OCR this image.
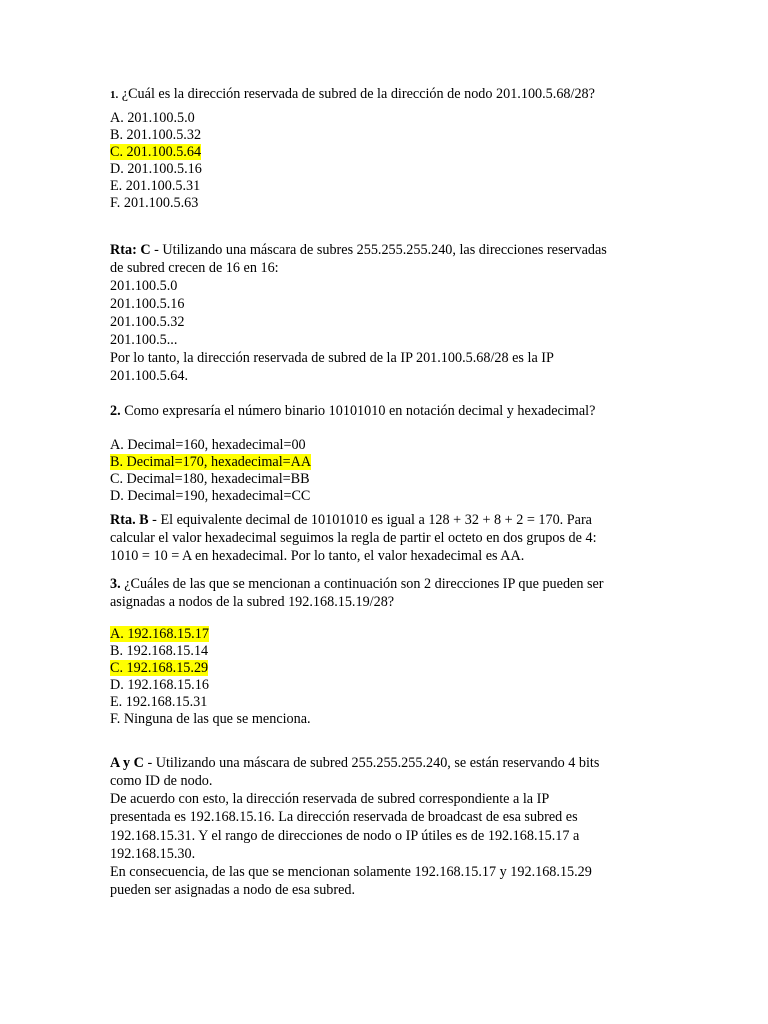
1. ¿Cuál es la dirección reservada de subred de la dirección de nodo 201.100.5.68/28?
A. 201.100.5.0
B. 201.100.5.32
C. 201.100.5.64
D. 201.100.5.16
E. 201.100.5.31
F. 201.100.5.63
Rta: C - Utilizando una máscara de subres 255.255.255.240, las direcciones reservadas
de subred crecen de 16 en 16:
201.100.5.0
201.100.5.16
201.100.5.32
201.100.5...
Por lo tanto, la dirección reservada de subred de la IP 201.100.5.68/28 es la IP
201.100.5.64.
2. Como expresaría el número binario 10101010 en notación decimal y hexadecimal?
A. Decimal=160, hexadecimal=00
B. Decimal=170, hexadecimal=AA
C. Decimal=180, hexadecimal=BB
D. Decimal=190, hexadecimal=CC
Rta. B - El equivalente decimal de 10101010 es igual a 128 + 32 + 8 + 2 = 170. Para
calcular el valor hexadecimal seguimos la regla de partir el octeto en dos grupos de 4:
1010 = 10 = A en hexadecimal. Por lo tanto, el valor hexadecimal es AA.
3. ¿Cuáles de las que se mencionan a continuación son 2 direcciones IP que pueden ser
asignadas a nodos de la subred 192.168.15.19/28?
A. 192.168.15.17
B. 192.168.15.14
C. 192.168.15.29
D. 192.168.15.16
E. 192.168.15.31
F. Ninguna de las que se menciona.
A y C - Utilizando una máscara de subred 255.255.255.240, se están reservando 4 bits
como ID de nodo.
De acuerdo con esto, la dirección reservada de subred correspondiente a la IP
presentada es 192.168.15.16. La dirección reservada de broadcast de esa subred es
192.168.15.31. Y el rango de direcciones de nodo o IP útiles es de 192.168.15.17 a
192.168.15.30.
En consecuencia, de las que se mencionan solamente 192.168.15.17 y 192.168.15.29
pueden ser asignadas a nodo de esa subred.
